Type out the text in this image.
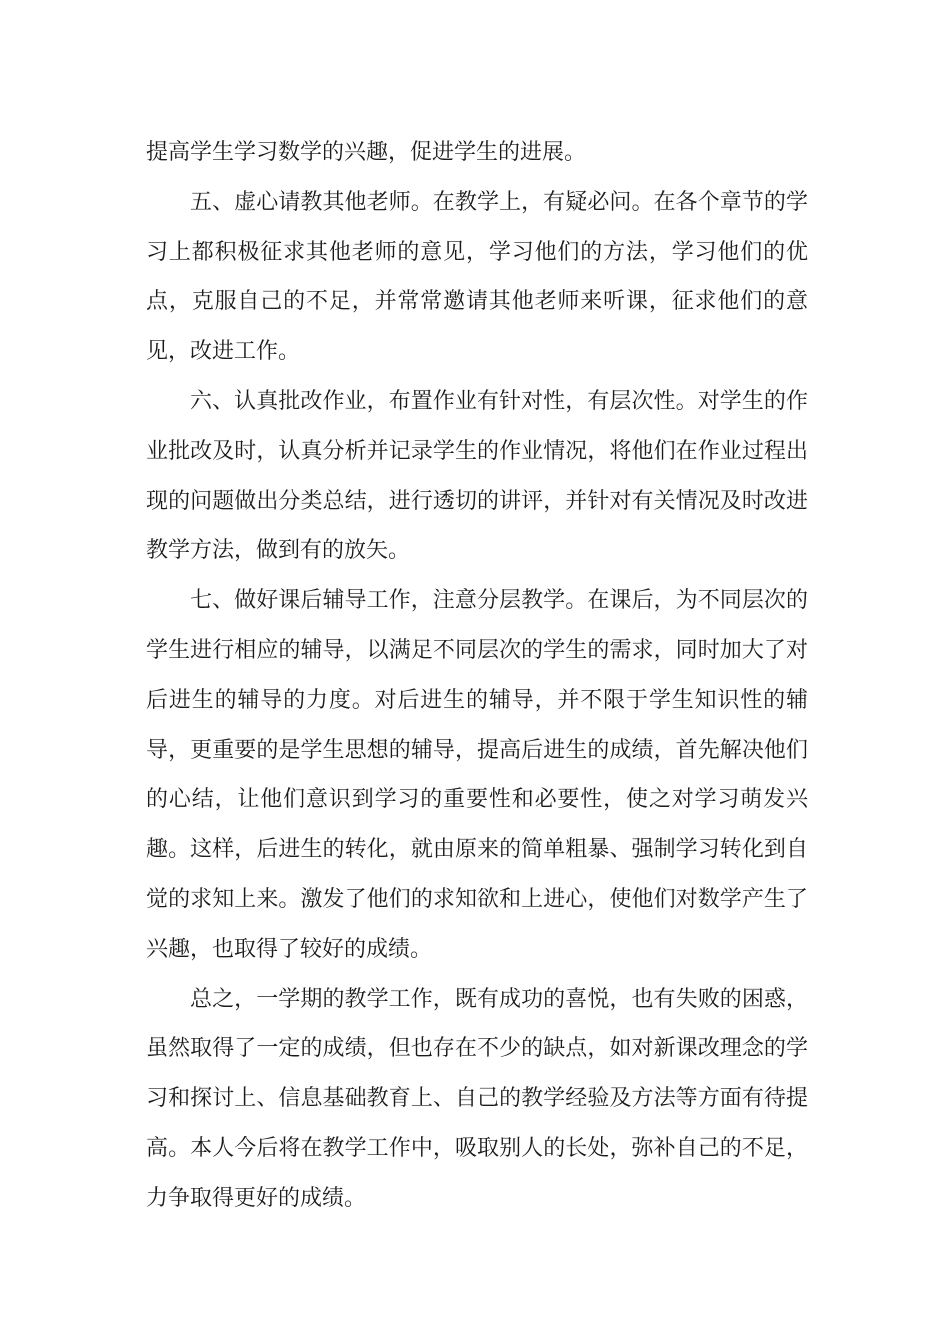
提高学生学习数学的兴趣，促进学生的进展。

五、虚心请教其他老师。在教学上，有疑必问。在各个章节的学习上都积极征求其他老师的意见，学习他们的方法，学习他们的优点，克服自己的不足，并常常邀请其他老师来听课，征求他们的意见，改进工作。

六、认真批改作业，布置作业有针对性，有层次性。对学生的作业批改及时，认真分析并记录学生的作业情况，将他们在作业过程出现的问题做出分类总结，进行透切的讲评，并针对有关情况及时改进教学方法，做到有的放矢。

七、做好课后辅导工作，注意分层教学。在课后，为不同层次的学生进行相应的辅导，以满足不同层次的学生的需求，同时加大了对后进生的辅导的力度。对后进生的辅导，并不限于学生知识性的辅导，更重要的是学生思想的辅导，提高后进生的成绩，首先解决他们的心结，让他们意识到学习的重要性和必要性，使之对学习萌发兴趣。这样，后进生的转化，就由原来的简单粗暴、强制学习转化到自觉的求知上来。激发了他们的求知欲和上进心，使他们对数学产生了兴趣，也取得了较好的成绩。

总之，一学期的教学工作，既有成功的喜悦，也有失败的困惑，虽然取得了一定的成绩，但也存在不少的缺点，如对新课改理念的学习和探讨上、信息基础教育上、自己的教学经验及方法等方面有待提高。本人今后将在教学工作中，吸取别人的长处，弥补自己的不足，力争取得更好的成绩。
